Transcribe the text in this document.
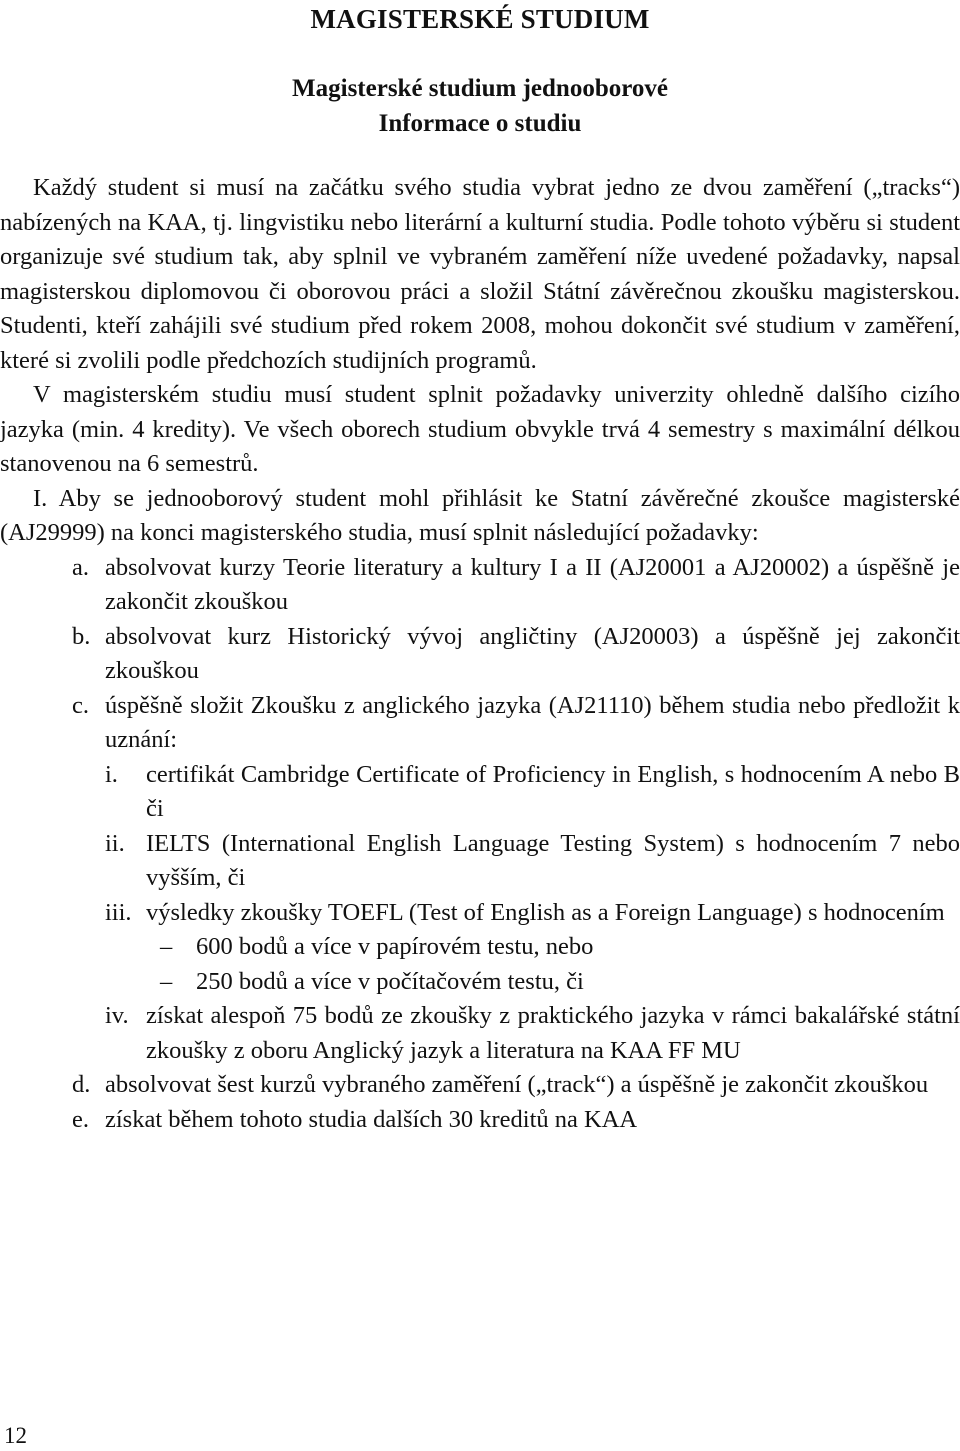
MAGISTERSKÉ STUDIUM
Magisterské studium jednooborové
Informace o studiu

Každý student si musí na začátku svého studia vybrat jedno ze dvou zaměření („tracks“) nabízených na KAA, tj. lingvistiku nebo literární a kulturní studia. Podle tohoto výběru si student organizuje své studium tak, aby splnil ve vybraném zaměření níže uvedené požadavky, napsal magisterskou diplomovou či oborovou práci a složil Státní závěrečnou zkoušku magisterskou. Studenti, kteří zahájili své studium před rokem 2008, mohou dokončit své studium v zaměření, které si zvolili podle předchozích studijních programů.

V magisterském studiu musí student splnit požadavky univerzity ohledně dalšího cizího jazyka (min. 4 kredity). Ve všech oborech studium obvykle trvá 4 semestry s maximální délkou stanovenou na 6 semestrů.

I. Aby se jednooborový student mohl přihlásit ke Statní závěrečné zkoušce magisterské (AJ29999) na konci magisterského studia, musí splnit následující požadavky:

a. absolvovat kurzy Teorie literatury a kultury I a II (AJ20001 a AJ20002) a úspěšně je zakončit zkouškou
b. absolvovat kurz Historický vývoj angličtiny (AJ20003) a úspěšně jej zakončit zkouškou
c. úspěšně složit Zkoušku z anglického jazyka (AJ21110) během studia nebo předložit k uznání:
i. certifikát Cambridge Certificate of Proficiency in English, s hodnocením A nebo B či
ii. IELTS (International English Language Testing System) s hodnocením 7 nebo vyšším, či
iii. výsledky zkoušky TOEFL (Test of English as a Foreign Language) s hodnocením
– 600 bodů a více v papírovém testu, nebo
– 250 bodů a více v počítačovém testu, či
iv. získat alespoň 75 bodů ze zkoušky z praktického jazyka v rámci bakalářské státní zkoušky z oboru Anglický jazyk a literatura na KAA FF MU
d. absolvovat šest kurzů vybraného zaměření („track“) a úspěšně je zakončit zkouškou
e. získat během tohoto studia dalších 30 kreditů na KAA
12
